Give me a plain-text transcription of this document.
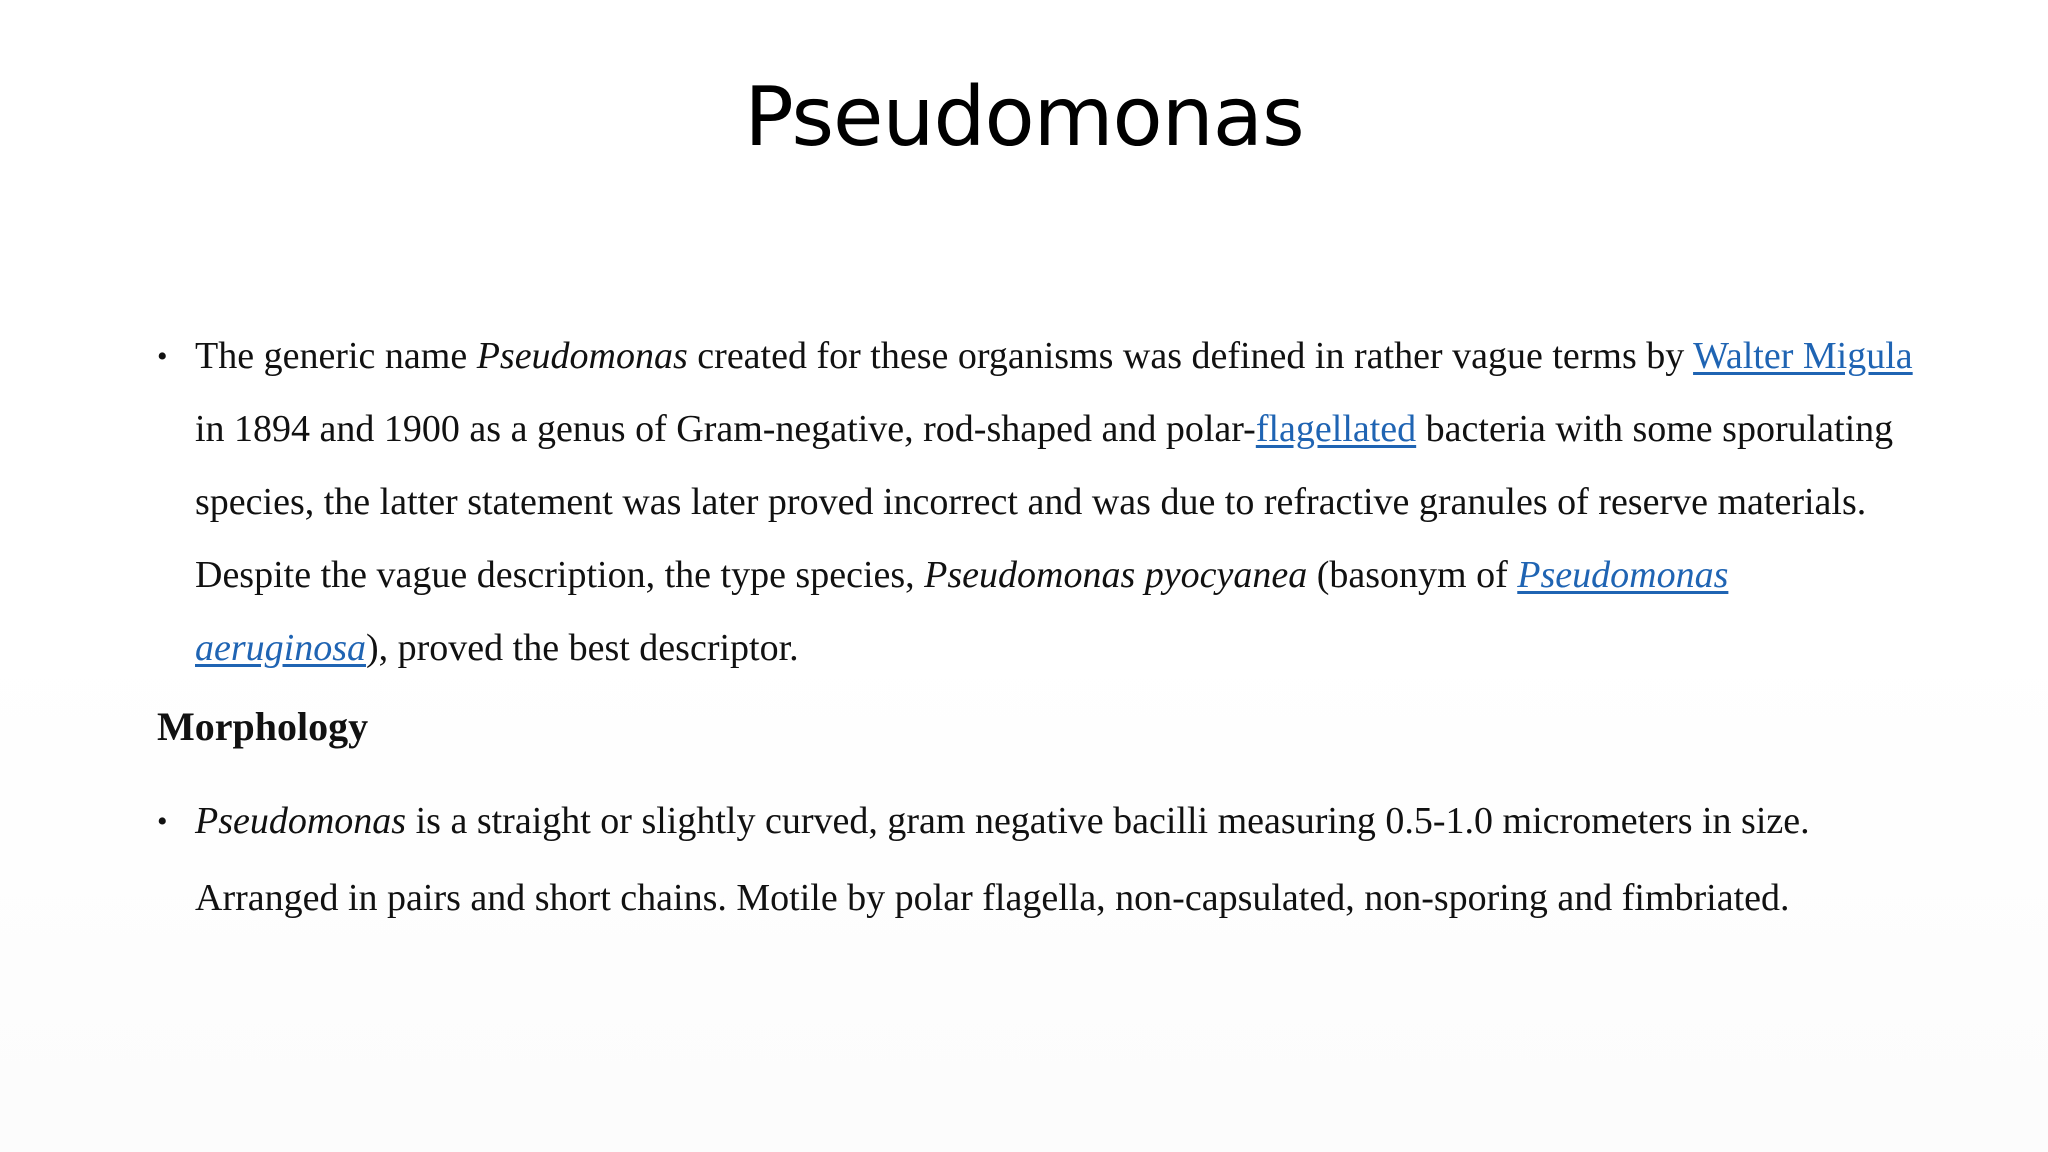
Pseudomonas

• The generic name Pseudomonas created for these organisms was defined in rather vague terms by Walter Migula in 1894 and 1900 as a genus of Gram-negative, rod-shaped and polar-flagellated bacteria with some sporulating species, the latter statement was later proved incorrect and was due to refractive granules of reserve materials. Despite the vague description, the type species, Pseudomonas pyocyanea (basonym of Pseudomonas aeruginosa), proved the best descriptor.

Morphology

• Pseudomonas is a straight or slightly curved, gram negative bacilli measuring 0.5-1.0 micrometers in size. Arranged in pairs and short chains. Motile by polar flagella, non-capsulated, non-sporing and fimbriated.
